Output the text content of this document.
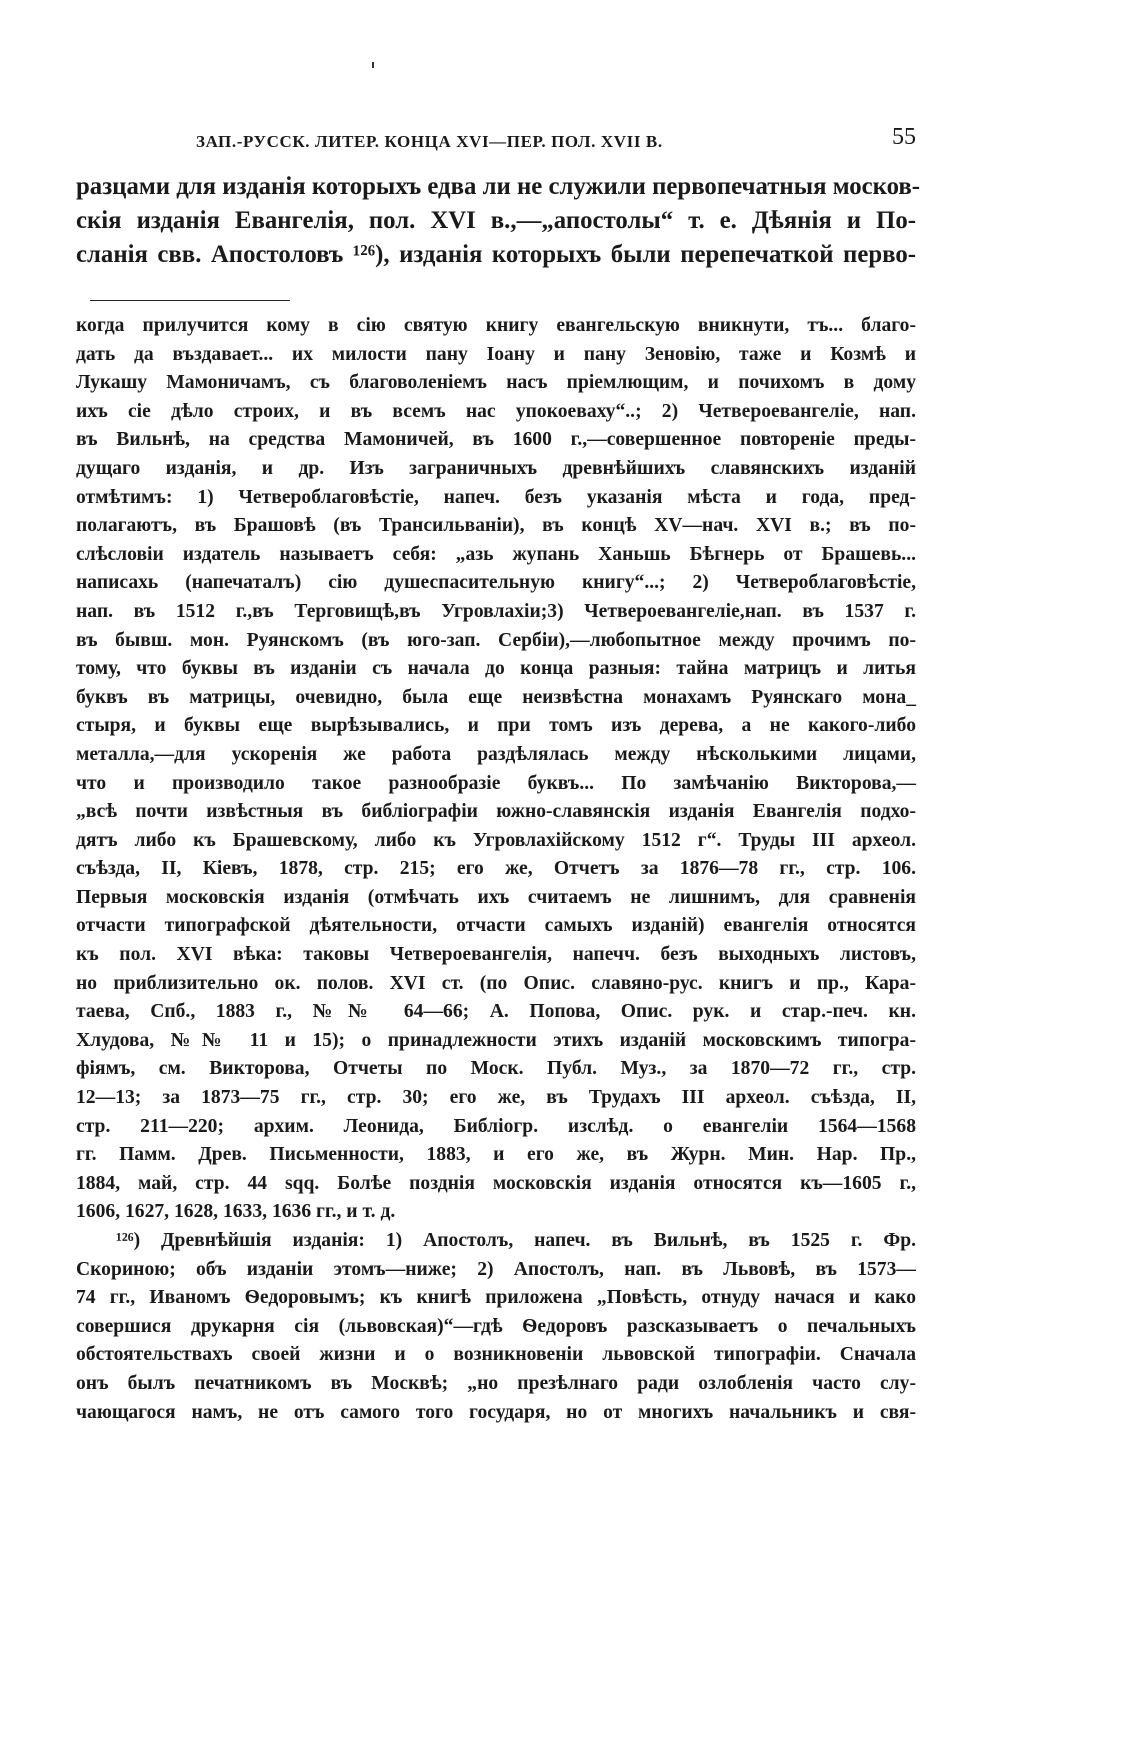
ЗАП.-РУССК. ЛИТЕР. КОНЦА XVI—ПЕР. ПОЛ. XVII В.	55
разцами для изданія которыхъ едва ли не служили первопечатныя москов-
скія изданія Евангелія, пол. XVI в.,—„апостолы“ т. е. Дѣянія и По-
сланія свв. Апостоловъ ¹²⁶), изданія которыхъ были перепечаткой перво-
когда прилучится кому в сію святую книгу евангельскую вникнути, тъ... благо-
дать да въздавает... их милости пану Іоану и пану Зеновію, таже и Козмѣ и
Лукашу Мамоничамъ, съ благоволеніемъ насъ пріемлющим, и почихомъ в дому
ихъ сіе дѣло строих, и въ всемъ нас упокоеваху“..; 2) Четвероевангеліе, нап.
въ Вильнѣ, на средства Мамоничей, въ 1600 г.,—совершенное повтореніе преды-
дущаго изданія, и др. Изъ заграничныхъ древнѣйшихъ славянскихъ изданій
отмѣтимъ: 1) Четвероблаговѣстіе, напеч. безъ указанія мѣста и года, пред-
полагаютъ, въ Брашовѣ (въ Трансильваніи), въ концѣ XV—нач. XVI в.; въ по-
слѣсловіи издатель называетъ себя: „азь жупань Ханьшь Бѣгнерь от Брашевь...
написахь (напечаталъ) сію душеспасительную книгу“...; 2) Четвероблаговѣстіе,
нап. въ 1512 г.,въ Терговищѣ,въ Угровлахіи;3) Четвероевангеліе,нап. въ 1537 г.
въ бывш. мон. Руянскомъ (въ юго-зап. Сербіи),—любопытное между прочимъ по-
тому, что буквы въ изданіи съ начала до конца разныя: тайна матрицъ и литья
буквъ въ матрицы, очевидно, была еще неизвѣстна монахамъ Руянскаго мона_
стыря, и буквы еще вырѣзывались, и при томъ изъ дерева, а не какого-либо
металла,—для ускоренія же работа раздѣлялась между нѣсколькими лицами,
что и производило такое разнообразіе буквъ... По замѣчанію Викторова,—
„всѣ почти извѣстныя въ библіографіи южно-славянскія изданія Евангелія подхо-
дятъ либо къ Брашевскому, либо къ Угровлахійскому 1512 г“. Труды III археол.
съѣзда, II, Кіевъ, 1878, стр. 215; его же, Отчетъ за 1876—78 гг., стр. 106.
Первыя московскія изданія (отмѣчать ихъ считаемъ не лишнимъ, для сравненія
отчасти типографской дѣятельности, отчасти самыхъ изданій) евангелія относятся
къ пол. XVI вѣка: таковы Четвероевангелія, напечч. безъ выходныхъ листовъ,
но приблизительно ок. полов. XVI ст. (по Опис. славяно-рус. книгъ и пр., Кара-
таева, Спб., 1883 г., №№ 64—66; А. Попова, Опис. рук. и стар.-печ. кн.
Хлудова, №№ 11 и 15); о принадлежности этихъ изданій московскимъ типогра-
фіямъ, см. Викторова, Отчеты по Моск. Публ. Муз., за 1870—72 гг., стр.
12—13; за 1873—75 гг., стр. 30; его же, въ Трудахъ III археол. съѣзда, II,
стр. 211—220; архим. Леонида, Библіогр. изслѣд. о евангеліи 1564—1568
гг. Памм. Древ. Письменности, 1883, и его же, въ Журн. Мин. Нар. Пр.,
1884, май, стр. 44 sqq. Болѣе позднія московскія изданія относятся къ—1605 г.,
1606, 1627, 1628, 1633, 1636 гг., и т. д.
¹²⁶) Древнѣйшія изданія: 1) Апостолъ, напеч. въ Вильнѣ, въ 1525 г. Фр.
Скориною; объ изданіи этомъ—ниже; 2) Апостолъ, нап. въ Львовѣ, въ 1573—
74 гг., Иваномъ Ѳедоровымъ; къ книгѣ приложена „Повѣсть, отнуду начася и како
совершися друкарня сія (львовская)“—гдѣ Ѳедоровъ разсказываетъ о печальныхъ
обстоятельствахъ своей жизни и о возникновеніи львовской типографіи. Сначала
онъ былъ печатникомъ въ Москвѣ; „но презѣлнаго ради озлобленія часто слу-
чающагося намъ, не отъ самого того государя, но от многихъ начальникъ и свя-
